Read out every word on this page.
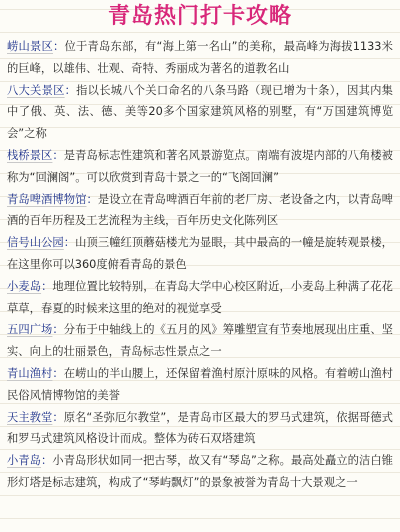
青岛热门打卡攻略

崂山景区：位于青岛东部，有“海上第一名山”的美称，最高峰为海拔1133米的巨峰，以雄伟、壮观、奇特、秀丽成为著名的道教名山

八大关景区：指以长城八个关口命名的八条马路（现已增为十条），因其内集中了俄、英、法、德、美等20多个国家建筑风格的别墅，有“万国建筑博览会”之称

栈桥景区：是青岛标志性建筑和著名风景游览点。南端有波堤内部的八角楼被称为“回澜阁”。可以欣赏到青岛十景之一的“飞阁回澜”

青岛啤酒博物馆：是设立在青岛啤酒百年前的老厂房、老设备之内，以青岛啤酒的百年历程及工艺流程为主线，百年历史文化陈列区

信号山公园：山顶三幢红顶蘑菇楼尤为显眼，其中最高的一幢是旋转观景楼，在这里你可以360度俯看青岛的景色

小麦岛：地理位置比较特别，在青岛大学中心校区附近，小麦岛上种满了花花草草，春夏的时候来这里的绝对的视觉享受

五四广场：分布于中轴线上的《五月的风》筹雕塑宣有节奏地展现出庄重、坚实、向上的壮丽景色，青岛标志性景点之一

青山渔村：在崂山的半山腰上，还保留着渔村原汁原味的风格。有着崂山渔村民俗风情博物馆的美誉

天主教堂：原名“圣弥厄尔教堂”，是青岛市区最大的罗马式建筑，依据哥德式和罗马式建筑风格设计而成。整体为砖石双塔建筑

小青岛：小青岛形状如同一把古琴，故又有“琴岛”之称。最高处矗立的洁白锥形灯塔是标志建筑，构成了“琴屿飘灯”的景象被誉为青岛十大景观之一
